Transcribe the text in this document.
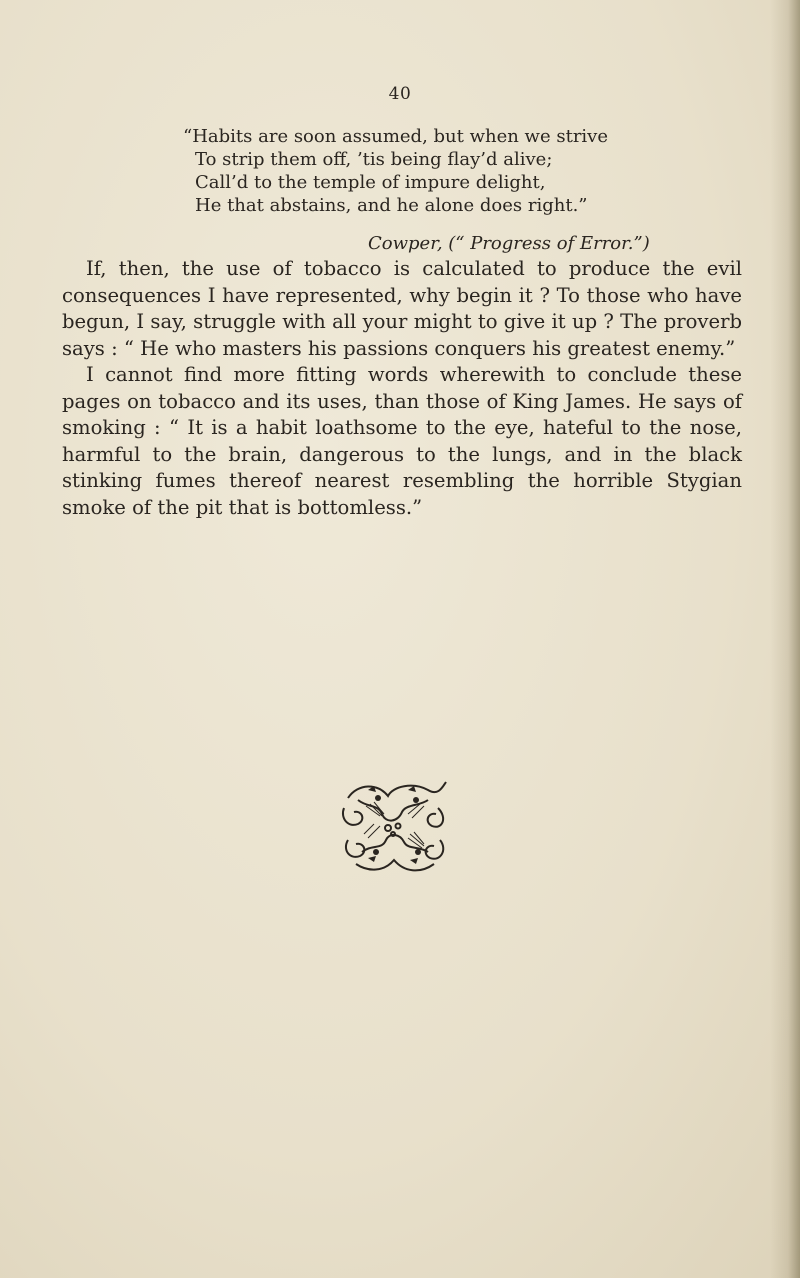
40
“Habits are soon assumed, but when we strive
To strip them off, ’tis being flay’d alive;
Call’d to the temple of impure delight,
He that abstains, and he alone does right.”
Cowper, (“ Progress of Error.”)

If, then, the use of tobacco is calculated to produce the evil consequences I have represented, why begin it ? To those who have begun, I say, struggle with all your might to give it up ? The proverb says : “ He who masters his passions conquers his greatest enemy.”

I cannot find more fitting words wherewith to conclude these pages on tobacco and its uses, than those of King James. He says of smoking : “ It is a habit loathsome to the eye, hateful to the nose, harmful to the brain, dangerous to the lungs, and in the black stinking fumes thereof nearest resembling the horrible Stygian smoke of the pit that is bottomless.”
